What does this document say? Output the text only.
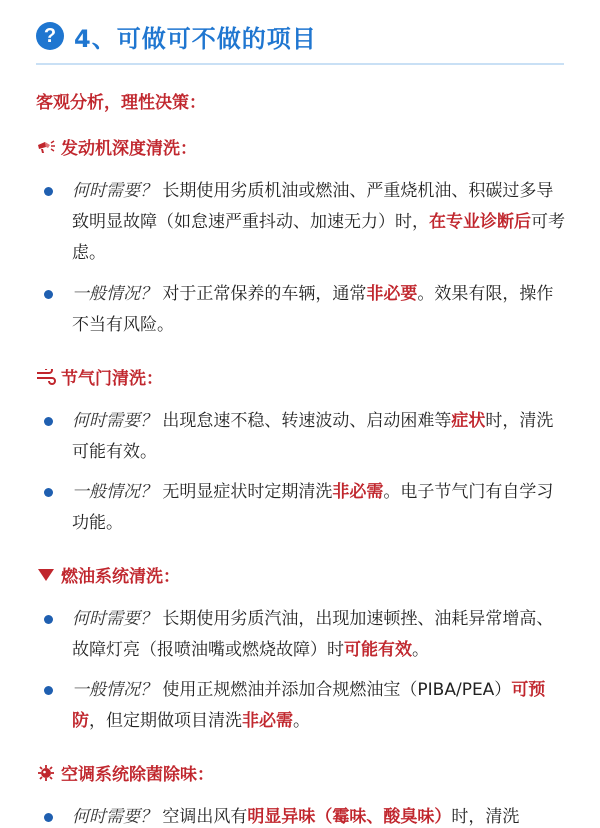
? 4、可做可不做的项目
客观分析，理性决策：
发动机深度清洗：
何时需要？ 长期使用劣质机油或燃油、严重烧机油、积碳过多导致明显故障（如怠速严重抖动、加速无力）时，在专业诊断后可考虑。
一般情况？ 对于正常保养的车辆，通常非必要。效果有限，操作不当有风险。
节气门清洗：
何时需要？ 出现怠速不稳、转速波动、启动困难等症状时，清洗可能有效。
一般情况？ 无明显症状时定期清洗非必需。电子节气门有自学习功能。
燃油系统清洗：
何时需要？ 长期使用劣质汽油，出现加速顿挫、油耗异常增高、故障灯亮（报喷油嘴或燃烧故障）时可能有效。
一般情况？ 使用正规燃油并添加合规燃油宝（PIBA/PEA）可预防，但定期做项目清洗非必需。
空调系统除菌除味：
何时需要？ 空调出风有明显异味（霉味、酸臭味）时，清洗
